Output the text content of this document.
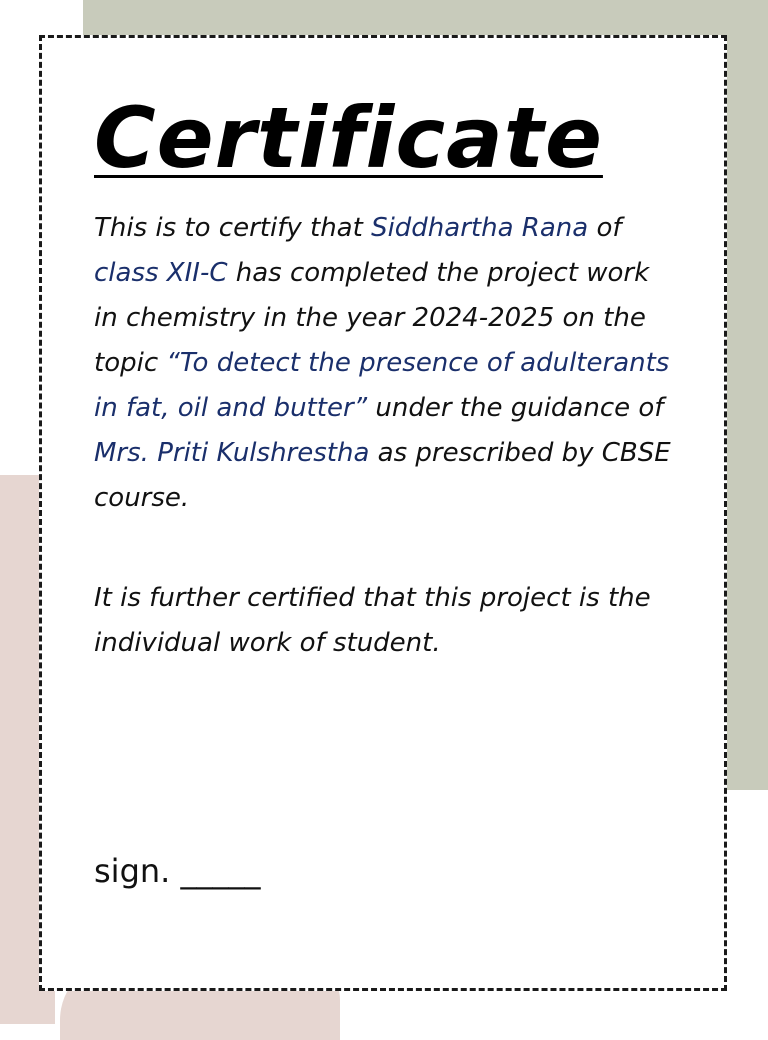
Certificate

This is to certify that Siddhartha Rana of class XII-C has completed the project work in chemistry in the year 2024-2025 on the topic “To detect the presence of adulterants in fat, oil and butter” under the guidance of Mrs. Priti Kulshrestha as prescribed by CBSE course.

It is further certified that this project is the individual work of student.

sign. _____
